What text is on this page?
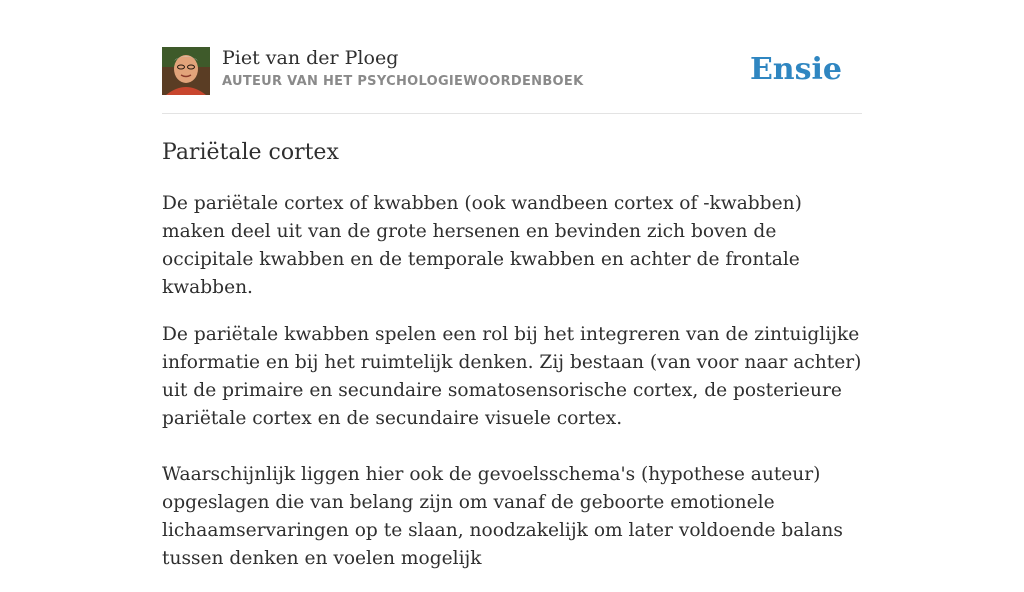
Piet van der Ploeg
AUTEUR VAN HET PSYCHOLOGIEWOORDENBOEK	Ensie
Pariëtale cortex

De pariëtale cortex of kwabben (ook wandbeen cortex of -kwabben) maken deel uit van de grote hersenen en bevinden zich boven de occipitale kwabben en de temporale kwabben en achter de frontale kwabben.

De pariëtale kwabben spelen een rol bij het integreren van de zintuiglijke informatie en bij het ruimtelijk denken. Zij bestaan (van voor naar achter) uit de primaire en secundaire somatosensorische cortex, de posterieure pariëtale cortex en de secundaire visuele cortex.

Waarschijnlijk liggen hier ook de gevoelsschema's (hypothese auteur) opgeslagen die van belang zijn om vanaf de geboorte emotionele lichaamservaringen op te slaan, noodzakelijk om later voldoende balans tussen denken en voelen mogelijk
